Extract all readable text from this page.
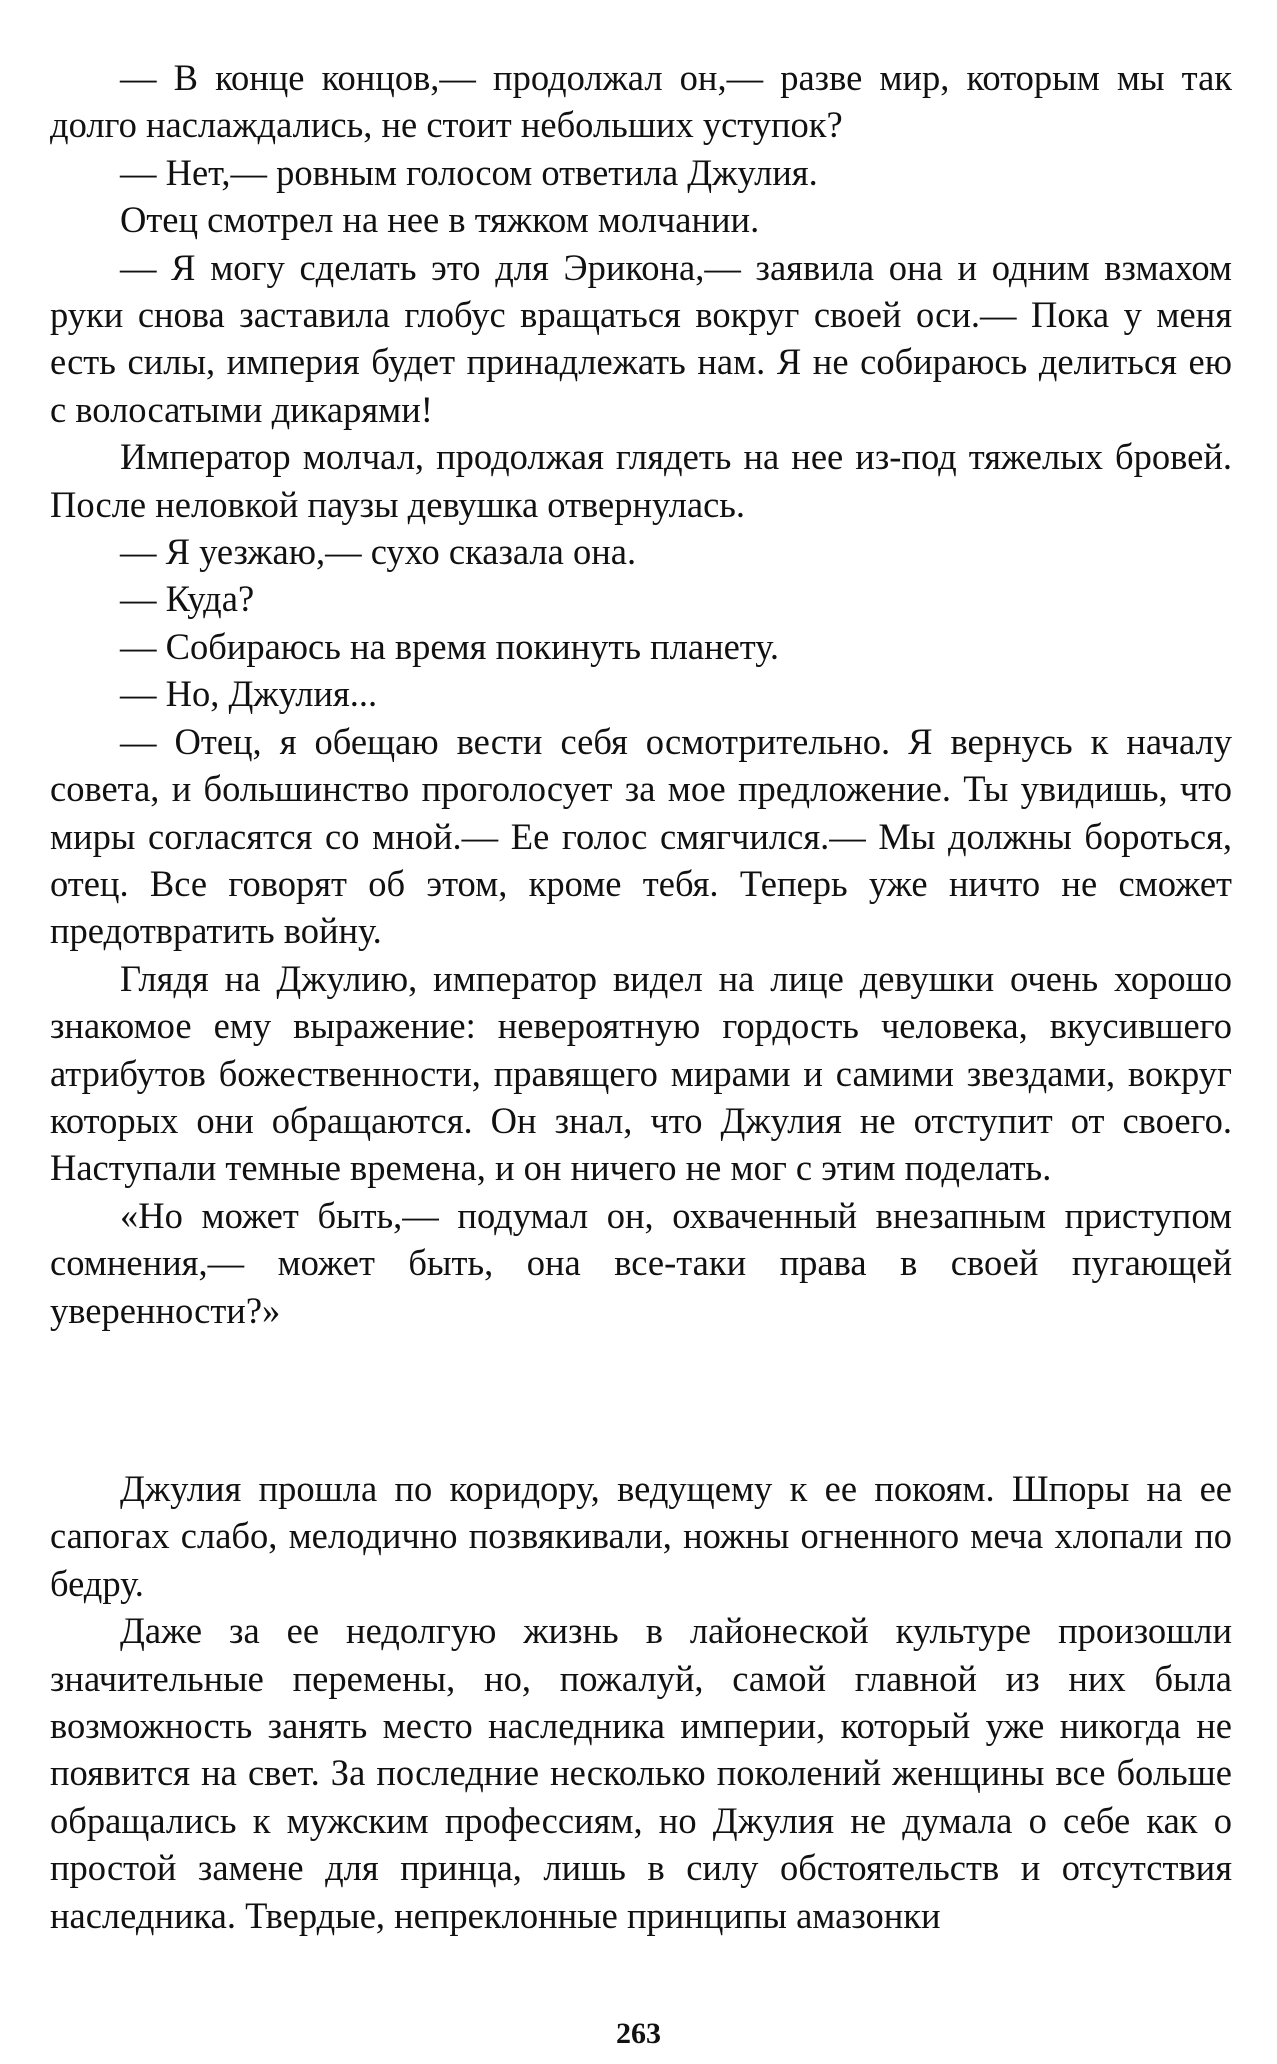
— В конце концов,— продолжал он,— разве мир, которым мы так долго наслаждались, не стоит небольших уступок?

— Нет,— ровным голосом ответила Джулия.

Отец смотрел на нее в тяжком молчании.

— Я могу сделать это для Эрикона,— заявила она и одним взмахом руки снова заставила глобус вращаться вокруг своей оси.— Пока у меня есть силы, империя будет принадлежать нам. Я не собираюсь делиться ею с волосатыми дикарями!

Император молчал, продолжая глядеть на нее из-под тяжелых бровей. После неловкой паузы девушка отвернулась.

— Я уезжаю,— сухо сказала она.

— Куда?

— Собираюсь на время покинуть планету.

— Но, Джулия...

— Отец, я обещаю вести себя осмотрительно. Я вернусь к началу совета, и большинство проголосует за мое предложение. Ты увидишь, что миры согласятся со мной.— Ее голос смягчился.— Мы должны бороться, отец. Все говорят об этом, кроме тебя. Теперь уже ничто не сможет предотвратить войну.

Глядя на Джулию, император видел на лице девушки очень хорошо знакомое ему выражение: невероятную гордость человека, вкусившего атрибутов божественности, правящего мирами и самими звездами, вокруг которых они обращаются. Он знал, что Джулия не отступит от своего. Наступали темные времена, и он ничего не мог с этим поделать.

«Но может быть,— подумал он, охваченный внезапным приступом сомнения,— может быть, она все-таки права в своей пугающей уверенности?»

Джулия прошла по коридору, ведущему к ее покоям. Шпоры на ее сапогах слабо, мелодично позвякивали, ножны огненного меча хлопали по бедру.

Даже за ее недолгую жизнь в лайонеской культуре произошли значительные перемены, но, пожалуй, самой главной из них была возможность занять место наследника империи, который уже никогда не появится на свет. За последние несколько поколений женщины все больше обращались к мужским профессиям, но Джулия не думала о себе как о простой замене для принца, лишь в силу обстоятельств и отсутствия наследника. Твердые, непреклонные принципы амазонки

263
